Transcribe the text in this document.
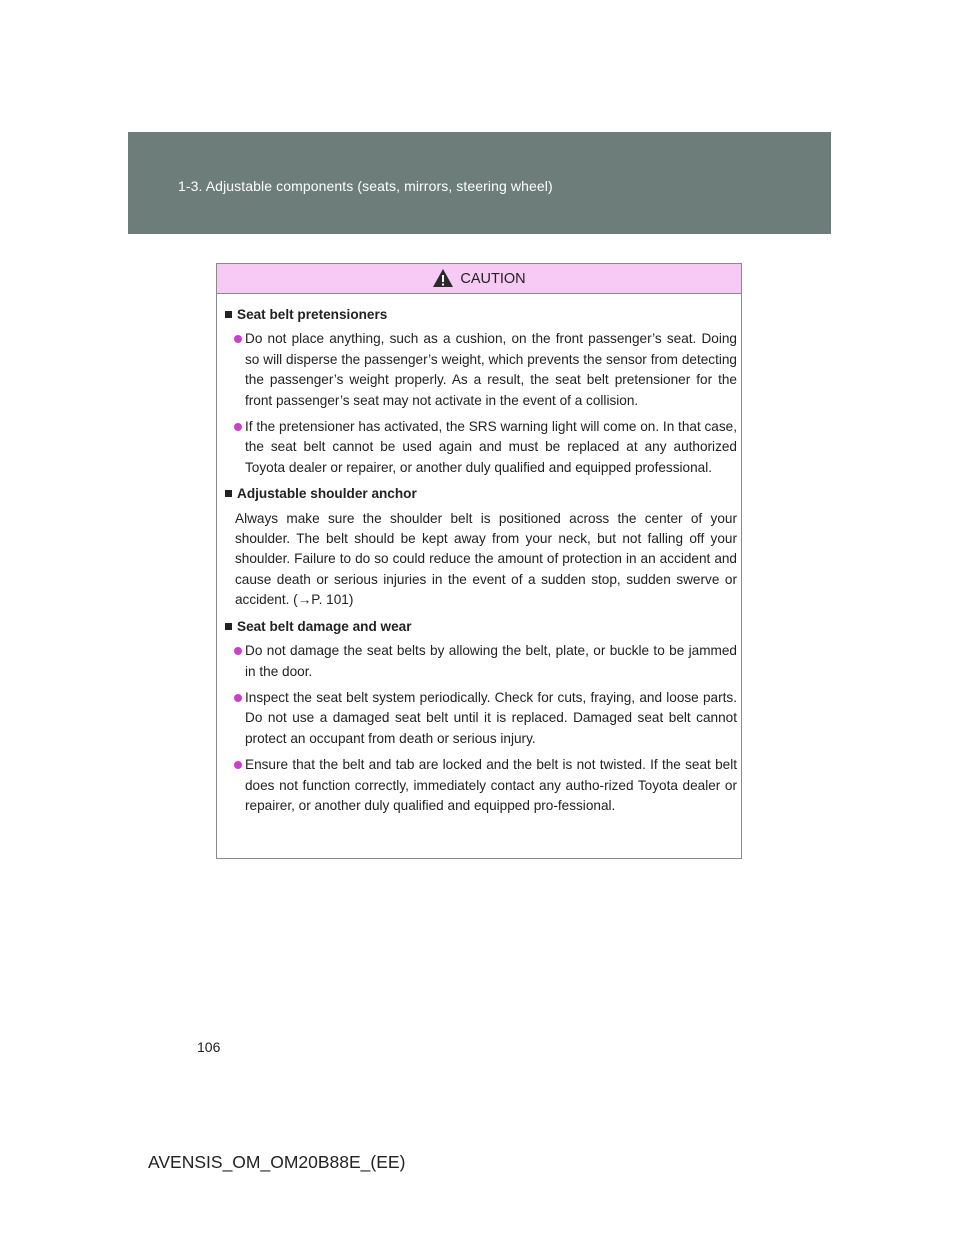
1-3. Adjustable components (seats, mirrors, steering wheel)
CAUTION
Seat belt pretensioners
Do not place anything, such as a cushion, on the front passenger’s seat. Doing so will disperse the passenger’s weight, which prevents the sensor from detecting the passenger’s weight properly. As a result, the seat belt pretensioner for the front passenger’s seat may not activate in the event of a collision.
If the pretensioner has activated, the SRS warning light will come on. In that case, the seat belt cannot be used again and must be replaced at any authorized Toyota dealer or repairer, or another duly qualified and equipped professional.
Adjustable shoulder anchor
Always make sure the shoulder belt is positioned across the center of your shoulder. The belt should be kept away from your neck, but not falling off your shoulder. Failure to do so could reduce the amount of protection in an accident and cause death or serious injuries in the event of a sudden stop, sudden swerve or accident. (→P. 101)
Seat belt damage and wear
Do not damage the seat belts by allowing the belt, plate, or buckle to be jammed in the door.
Inspect the seat belt system periodically. Check for cuts, fraying, and loose parts. Do not use a damaged seat belt until it is replaced. Damaged seat belt cannot protect an occupant from death or serious injury.
Ensure that the belt and tab are locked and the belt is not twisted. If the seat belt does not function correctly, immediately contact any autho-rized Toyota dealer or repairer, or another duly qualified and equipped pro-fessional.
106
AVENSIS_OM_OM20B88E_(EE)
